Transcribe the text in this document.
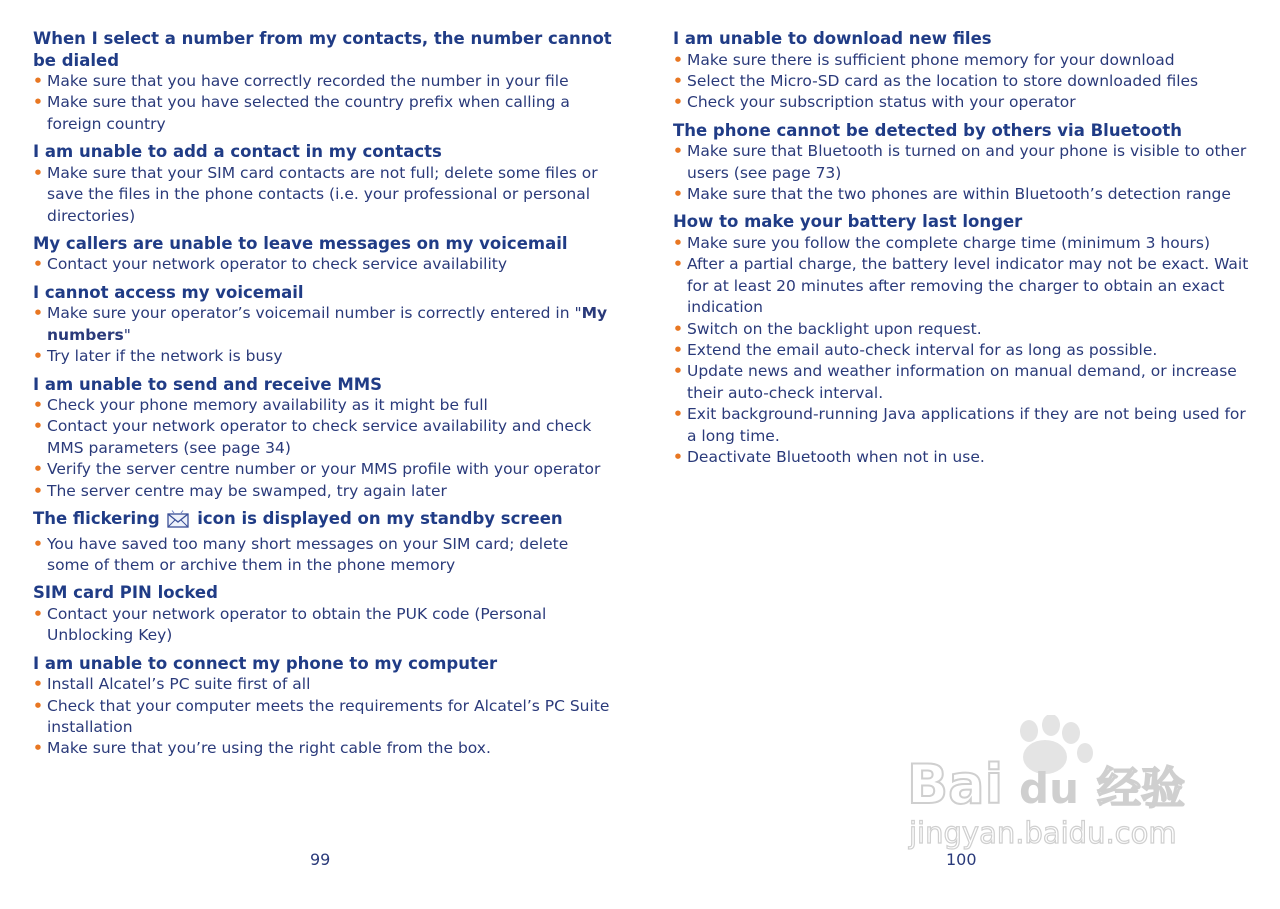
When I select a number from my contacts, the number cannot be dialed
• Make sure that you have correctly recorded the number in your file
• Make sure that you have selected the country prefix when calling a foreign country
I am unable to add a contact in my contacts
• Make sure that your SIM card contacts are not full; delete some files or save the files in the phone contacts (i.e. your professional or personal directories)
My callers are unable to leave messages on my voicemail
• Contact your network operator to check service availability
I cannot access my voicemail
• Make sure your operator’s voicemail number is correctly entered in "My numbers"
• Try later if the network is busy
I am unable to send and receive MMS
• Check your phone memory availability as it might be full
• Contact your network operator to check service availability and check MMS parameters (see page 34)
• Verify the server centre number or your MMS profile with your operator
• The server centre may be swamped, try again later
The flickering icon is displayed on my standby screen
• You have saved too many short messages on your SIM card; delete some of them or archive them in the phone memory
SIM card PIN locked
• Contact your network operator to obtain the PUK code (Personal Unblocking Key)
I am unable to connect my phone to my computer
• Install Alcatel’s PC suite first of all
• Check that your computer meets the requirements for Alcatel’s PC Suite installation
• Make sure that you’re using the right cable from the box.
I am unable to download new files
• Make sure there is sufficient phone memory for your download
• Select the Micro-SD card as the location to store downloaded files
• Check your subscription status with your operator
The phone cannot be detected by others via Bluetooth
• Make sure that Bluetooth is turned on and your phone is visible to other users (see page 73)
• Make sure that the two phones are within Bluetooth’s detection range
How to make your battery last longer
• Make sure you follow the complete charge time (minimum 3 hours)
• After a partial charge, the battery level indicator may not be exact. Wait for at least 20 minutes after removing the charger to obtain an exact indication
• Switch on the backlight upon request.
• Extend the email auto-check interval for as long as possible.
• Update news and weather information on manual demand, or increase their auto-check interval.
• Exit background-running Java applications if they are not being used for a long time.
• Deactivate Bluetooth when not in use.
Bai du 经验
jingyan.baidu.com
99	100
